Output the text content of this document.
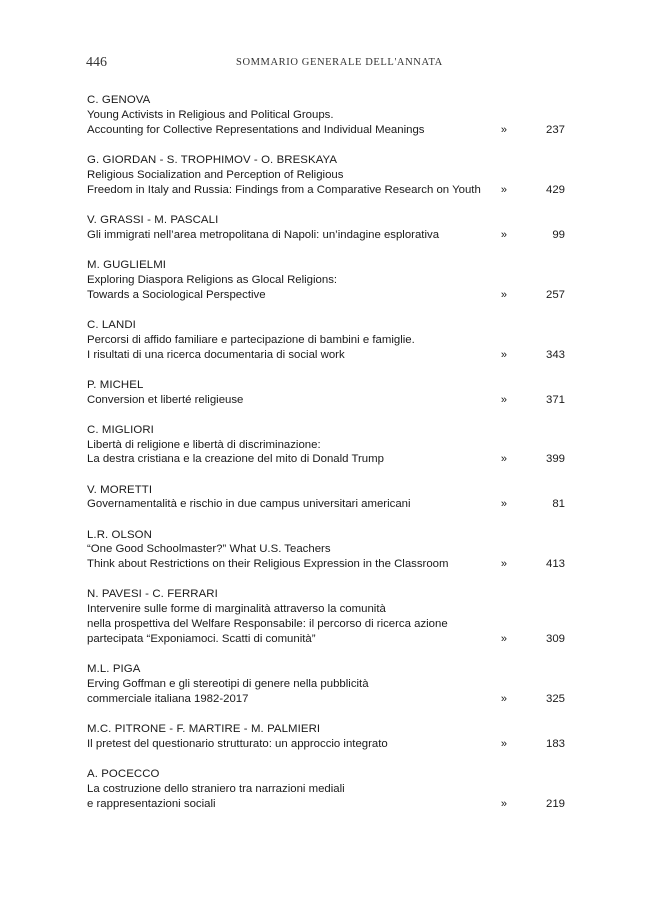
446	SOMMARIO GENERALE DELL'ANNATA
C. GENOVA
Young Activists in Religious and Political Groups.
Accounting for Collective Representations and Individual Meanings	»	237
G. GIORDAN - S. TROPHIMOV - O. BRESKAYA
Religious Socialization and Perception of Religious
Freedom in Italy and Russia: Findings from a Comparative Research on Youth	»	429
V. GRASSI - M. PASCALI
Gli immigrati nell’area metropolitana di Napoli: un’indagine esplorativa	»	99
M. GUGLIELMI
Exploring Diaspora Religions as Glocal Religions:
Towards a Sociological Perspective	»	257
C. LANDI
Percorsi di affido familiare e partecipazione di bambini e famiglie.
I risultati di una ricerca documentaria di social work	»	343
P. MICHEL
Conversion et liberté religieuse	»	371
C. MIGLIORI
Libertà di religione e libertà di discriminazione:
La destra cristiana e la creazione del mito di Donald Trump	»	399
V. MORETTI
Governamentalità e rischio in due campus universitari americani	»	81
L.R. OLSON
“One Good Schoolmaster?” What U.S. Teachers
Think about Restrictions on their Religious Expression in the Classroom	»	413
N. PAVESI - C. FERRARI
Intervenire sulle forme di marginalità attraverso la comunità
nella prospettiva del Welfare Responsabile: il percorso di ricerca azione
partecipata “Exponiamoci. Scatti di comunità”	»	309
M.L. PIGA
Erving Goffman e gli stereotipi di genere nella pubblicità
commerciale italiana 1982-2017	»	325
M.C. PITRONE - F. MARTIRE - M. PALMIERI
Il pretest del questionario strutturato: un approccio integrato	»	183
A. POCECCO
La costruzione dello straniero tra narrazioni mediali
e rappresentazioni sociali	»	219
